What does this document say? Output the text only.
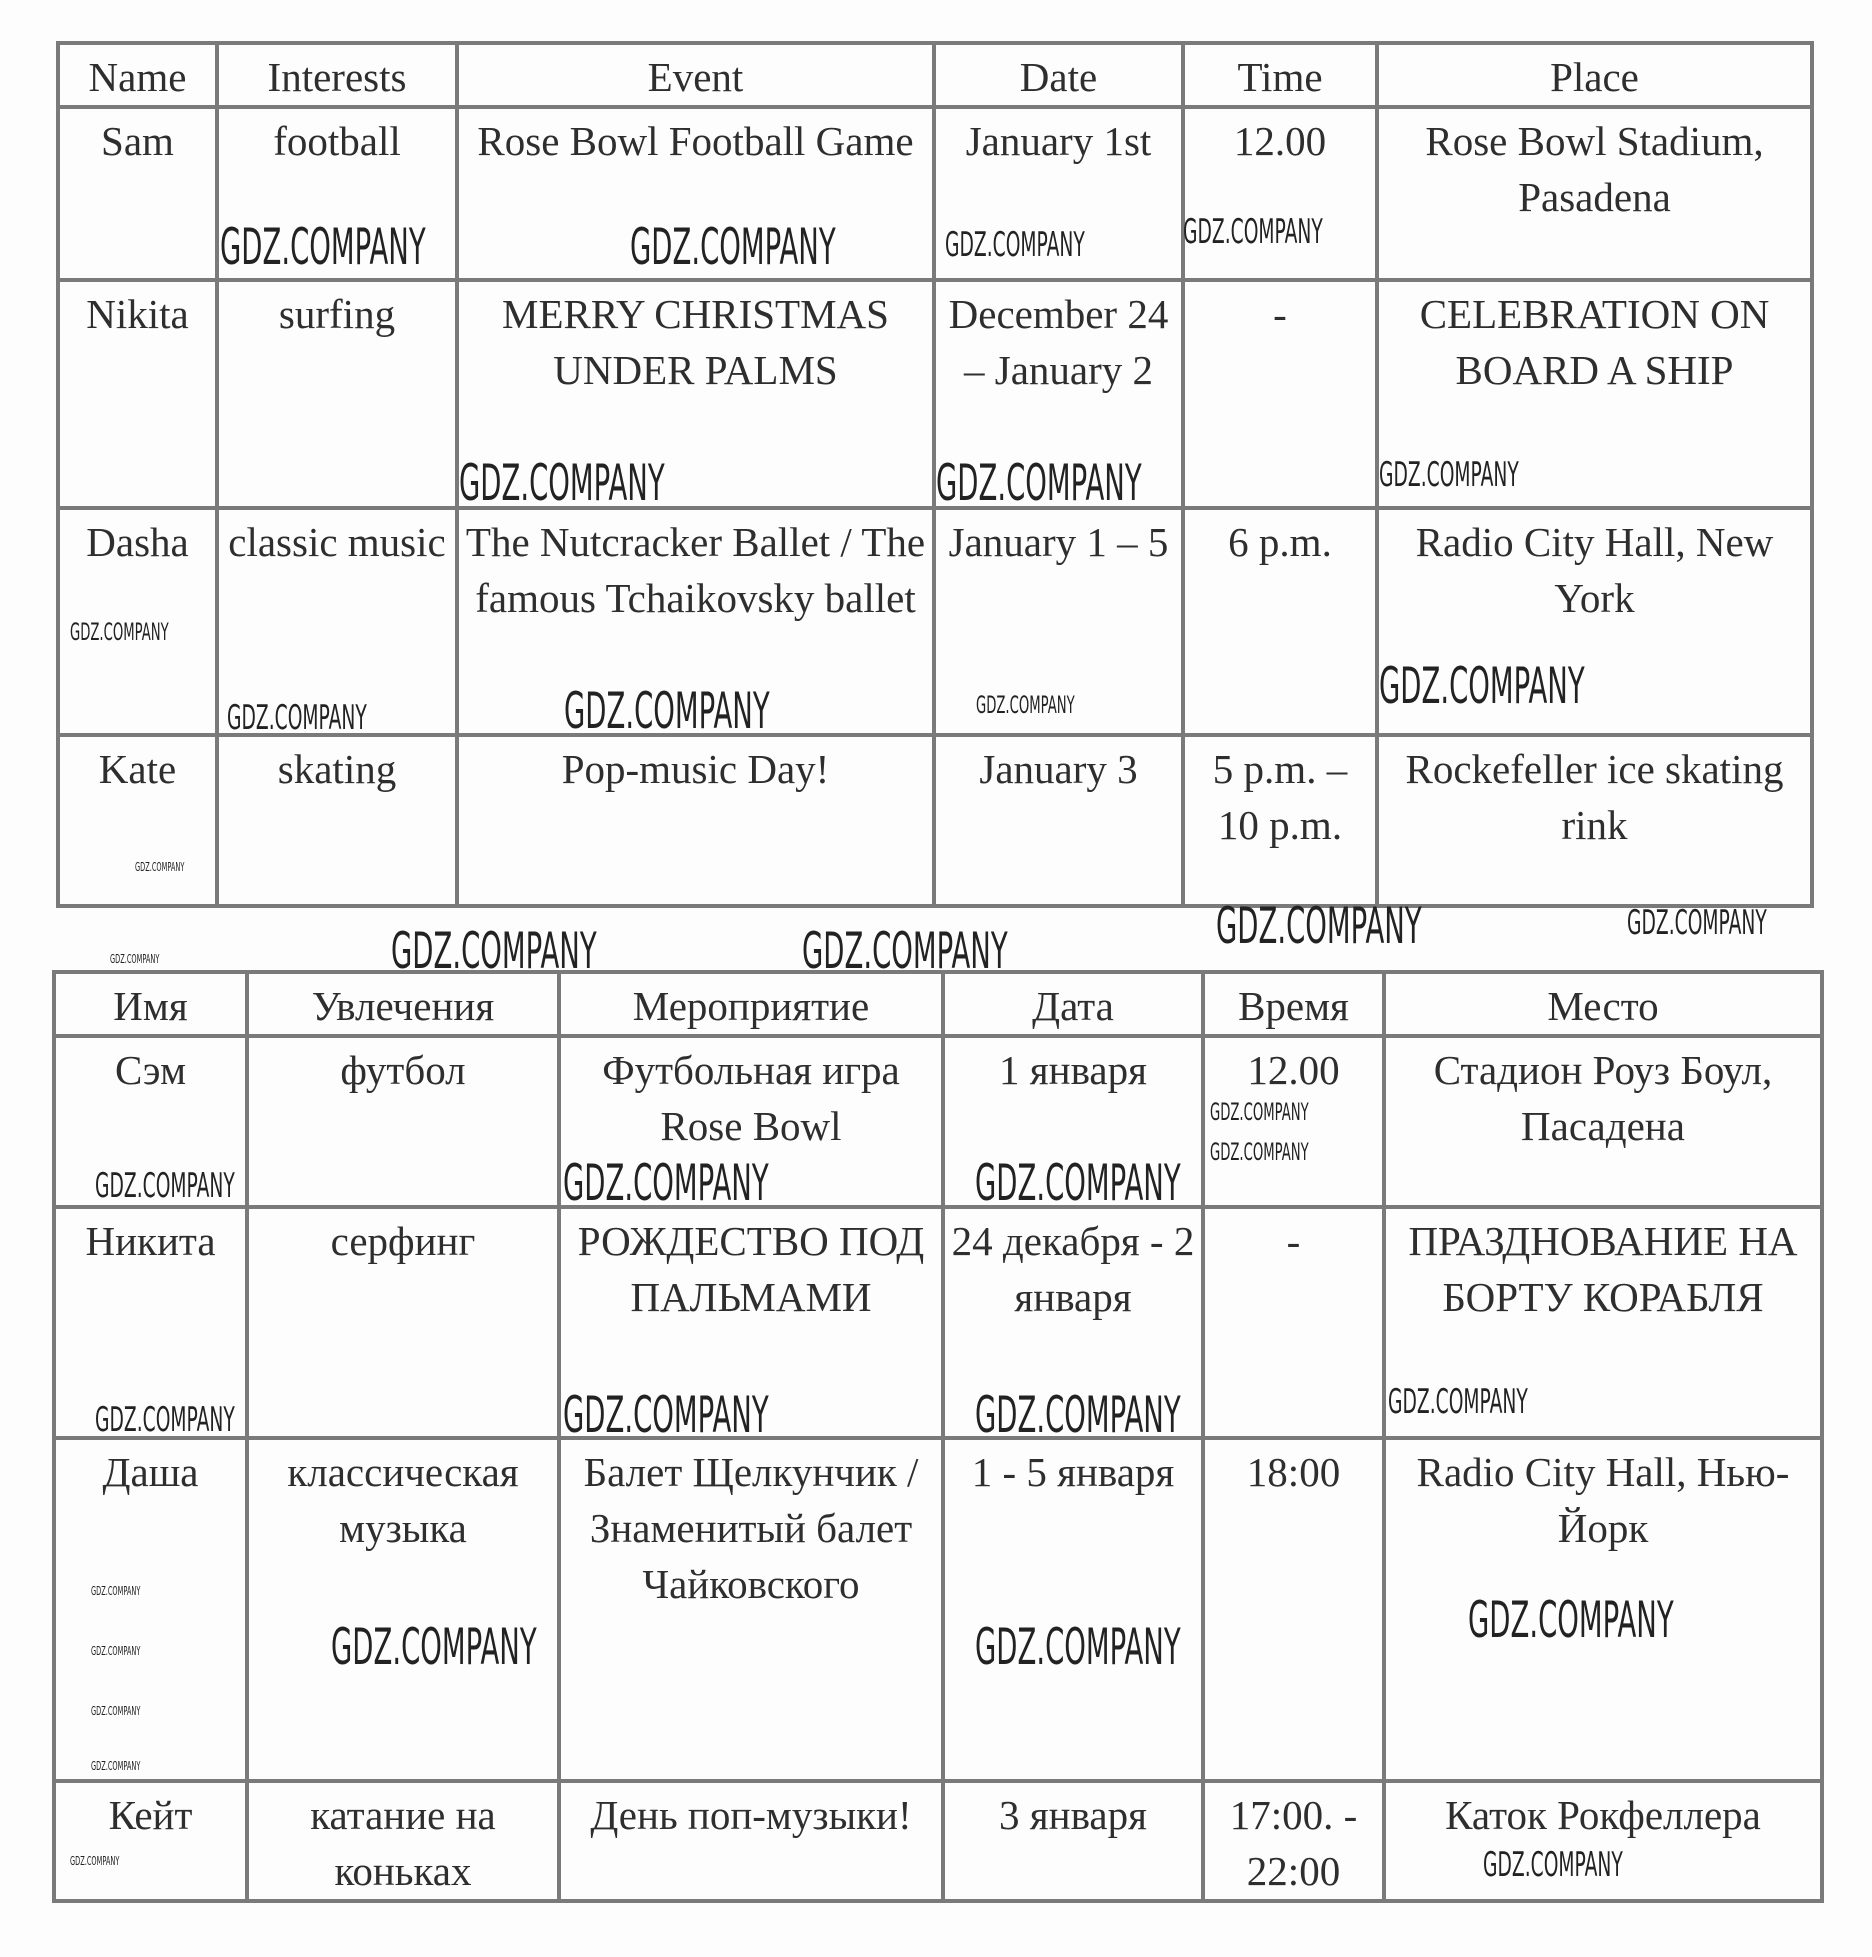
Name	Interests	Event	Date	Time	Place
Sam	football	Rose Bowl Football Game	January 1st	12.00	Rose Bowl Stadium, Pasadena
Nikita	surfing	MERRY CHRISTMAS UNDER PALMS	December 24 – January 2	-	CELEBRATION ON BOARD A SHIP
Dasha	classic music	The Nutcracker Ballet / The famous Tchaikovsky ballet	January 1 – 5	6 p.m.	Radio City Hall, New York
Kate	skating	Pop-music Day!	January 3	5 p.m. – 10 p.m.	Rockefeller ice skating rink
Имя	Увлечения	Мероприятие	Дата	Время	Место
Сэм	футбол	Футбольная игра Rose Bowl	1 января	12.00	Стадион Роуз Боул, Пасадена
Никита	серфинг	РОЖДЕСТВО ПОД ПАЛЬМАМИ	24 декабря - 2 января	-	ПРАЗДНОВАНИЕ НА БОРТУ КОРАБЛЯ
Даша	классическая музыка	Балет Щелкунчик / Знаменитый балет Чайковского	1 - 5 января	18:00	Radio City Hall, Нью-Йорк
Кейт	катание на коньках	День поп-музыки!	3 января	17:00. - 22:00	Каток Рокфеллера
GDZ.COMPANY	GDZ.COMPANY	GDZ.COMPANY
GDZ.COMPANY
GDZ.COMPANY	GDZ.COMPANY	GDZ.COMPANY
GDZ.COMPANY
GDZ.COMPANY	GDZ.COMPANY	GDZ.COMPANY	GDZ.COMPANY
GDZ.COMPANY
GDZ.COMPANY	GDZ.COMPANY	GDZ.COMPANY	GDZ.COMPANY
GDZ.COMPANY
GDZ.COMPANY	GDZ.COMPANY	GDZ.COMPANY
GDZ.COMPANY
GDZ.COMPANY
GDZ.COMPANY	GDZ.COMPANY	GDZ.COMPANY	GDZ.COMPANY
GDZ.COMPANY	GDZ.COMPANY	GDZ.COMPANY
GDZ.COMPANY
GDZ.COMPANY
GDZ.COMPANY
GDZ.COMPANY
GDZ.COMPANY	GDZ.COMPANY
